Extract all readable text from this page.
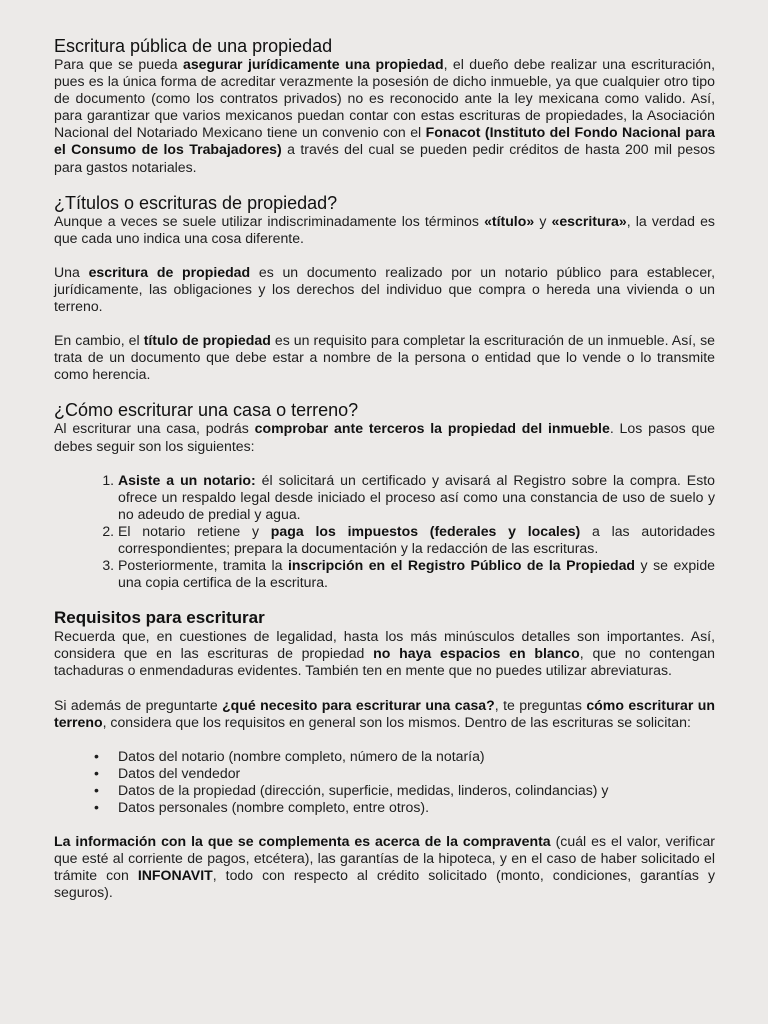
Escritura pública de una propiedad

Para que se pueda asegurar jurídicamente una propiedad, el dueño debe realizar una escrituración, pues es la única forma de acreditar verazmente la posesión de dicho inmueble, ya que cualquier otro tipo de documento (como los contratos privados) no es reconocido ante la ley mexicana como valido. Así, para garantizar que varios mexicanos puedan contar con estas escrituras de propiedades, la Asociación Nacional del Notariado Mexicano tiene un convenio con el Fonacot (Instituto del Fondo Nacional para el Consumo de los Trabajadores) a través del cual se pueden pedir créditos de hasta 200 mil pesos para gastos notariales.

¿Títulos o escrituras de propiedad?

Aunque a veces se suele utilizar indiscriminadamente los términos «título» y «escritura», la verdad es que cada uno indica una cosa diferente.

Una escritura de propiedad es un documento realizado por un notario público para establecer, jurídicamente, las obligaciones y los derechos del individuo que compra o hereda una vivienda o un terreno.

En cambio, el título de propiedad es un requisito para completar la escrituración de un inmueble. Así, se trata de un documento que debe estar a nombre de la persona o entidad que lo vende o lo transmite como herencia.

¿Cómo escriturar una casa o terreno?

Al escriturar una casa, podrás comprobar ante terceros la propiedad del inmueble. Los pasos que debes seguir son los siguientes:

1. Asiste a un notario: él solicitará un certificado y avisará al Registro sobre la compra. Esto ofrece un respaldo legal desde iniciado el proceso así como una constancia de uso de suelo y no adeudo de predial y agua.
2. El notario retiene y paga los impuestos (federales y locales) a las autoridades correspondientes; prepara la documentación y la redacción de las escrituras.
3. Posteriormente, tramita la inscripción en el Registro Público de la Propiedad y se expide una copia certifica de la escritura.
Requisitos para escriturar

Recuerda que, en cuestiones de legalidad, hasta los más minúsculos detalles son importantes. Así, considera que en las escrituras de propiedad no haya espacios en blanco, que no contengan tachaduras o enmendaduras evidentes. También ten en mente que no puedes utilizar abreviaturas.

Si además de preguntarte ¿qué necesito para escriturar una casa?, te preguntas cómo escriturar un terreno, considera que los requisitos en general son los mismos. Dentro de las escrituras se solicitan:

• Datos del notario (nombre completo, número de la notaría)
• Datos del vendedor
• Datos de la propiedad (dirección, superficie, medidas, linderos, colindancias) y
• Datos personales (nombre completo, entre otros).

La información con la que se complementa es acerca de la compraventa (cuál es el valor, verificar que esté al corriente de pagos, etcétera), las garantías de la hipoteca, y en el caso de haber solicitado el trámite con INFONAVIT, todo con respecto al crédito solicitado (monto, condiciones, garantías y seguros).
